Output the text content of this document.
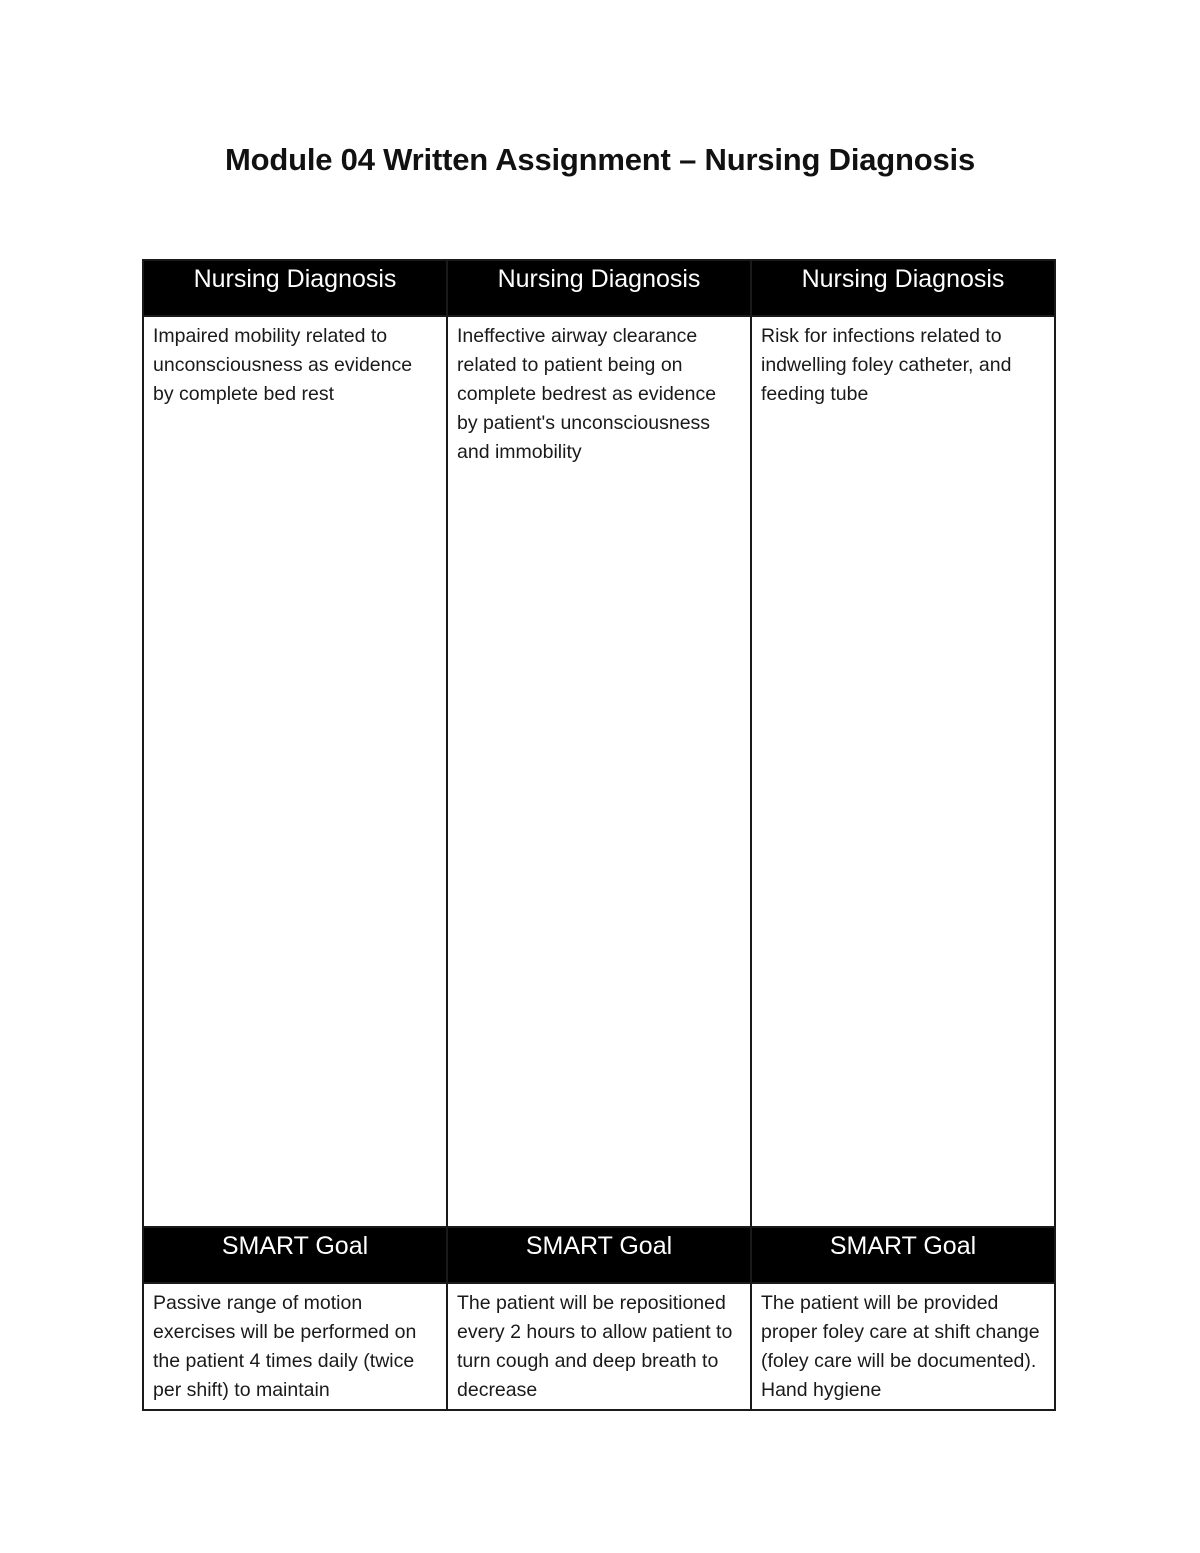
Module 04 Written Assignment – Nursing Diagnosis
Nursing Diagnosis	Nursing Diagnosis	Nursing Diagnosis

Impaired mobility related to unconsciousness as evidence by complete bed rest	Ineffective airway clearance related to patient being on complete bedrest as evidence by patient's unconsciousness and immobility	Risk for infections related to indwelling foley catheter, and feeding tube

SMART Goal	SMART Goal	SMART Goal

Passive range of motion exercises will be performed on the patient 4 times daily (twice per shift) to maintain	The patient will be repositioned every 2 hours to allow patient to turn cough and deep breath to decrease	The patient will be provided proper foley care at shift change (foley care will be documented). Hand hygiene
